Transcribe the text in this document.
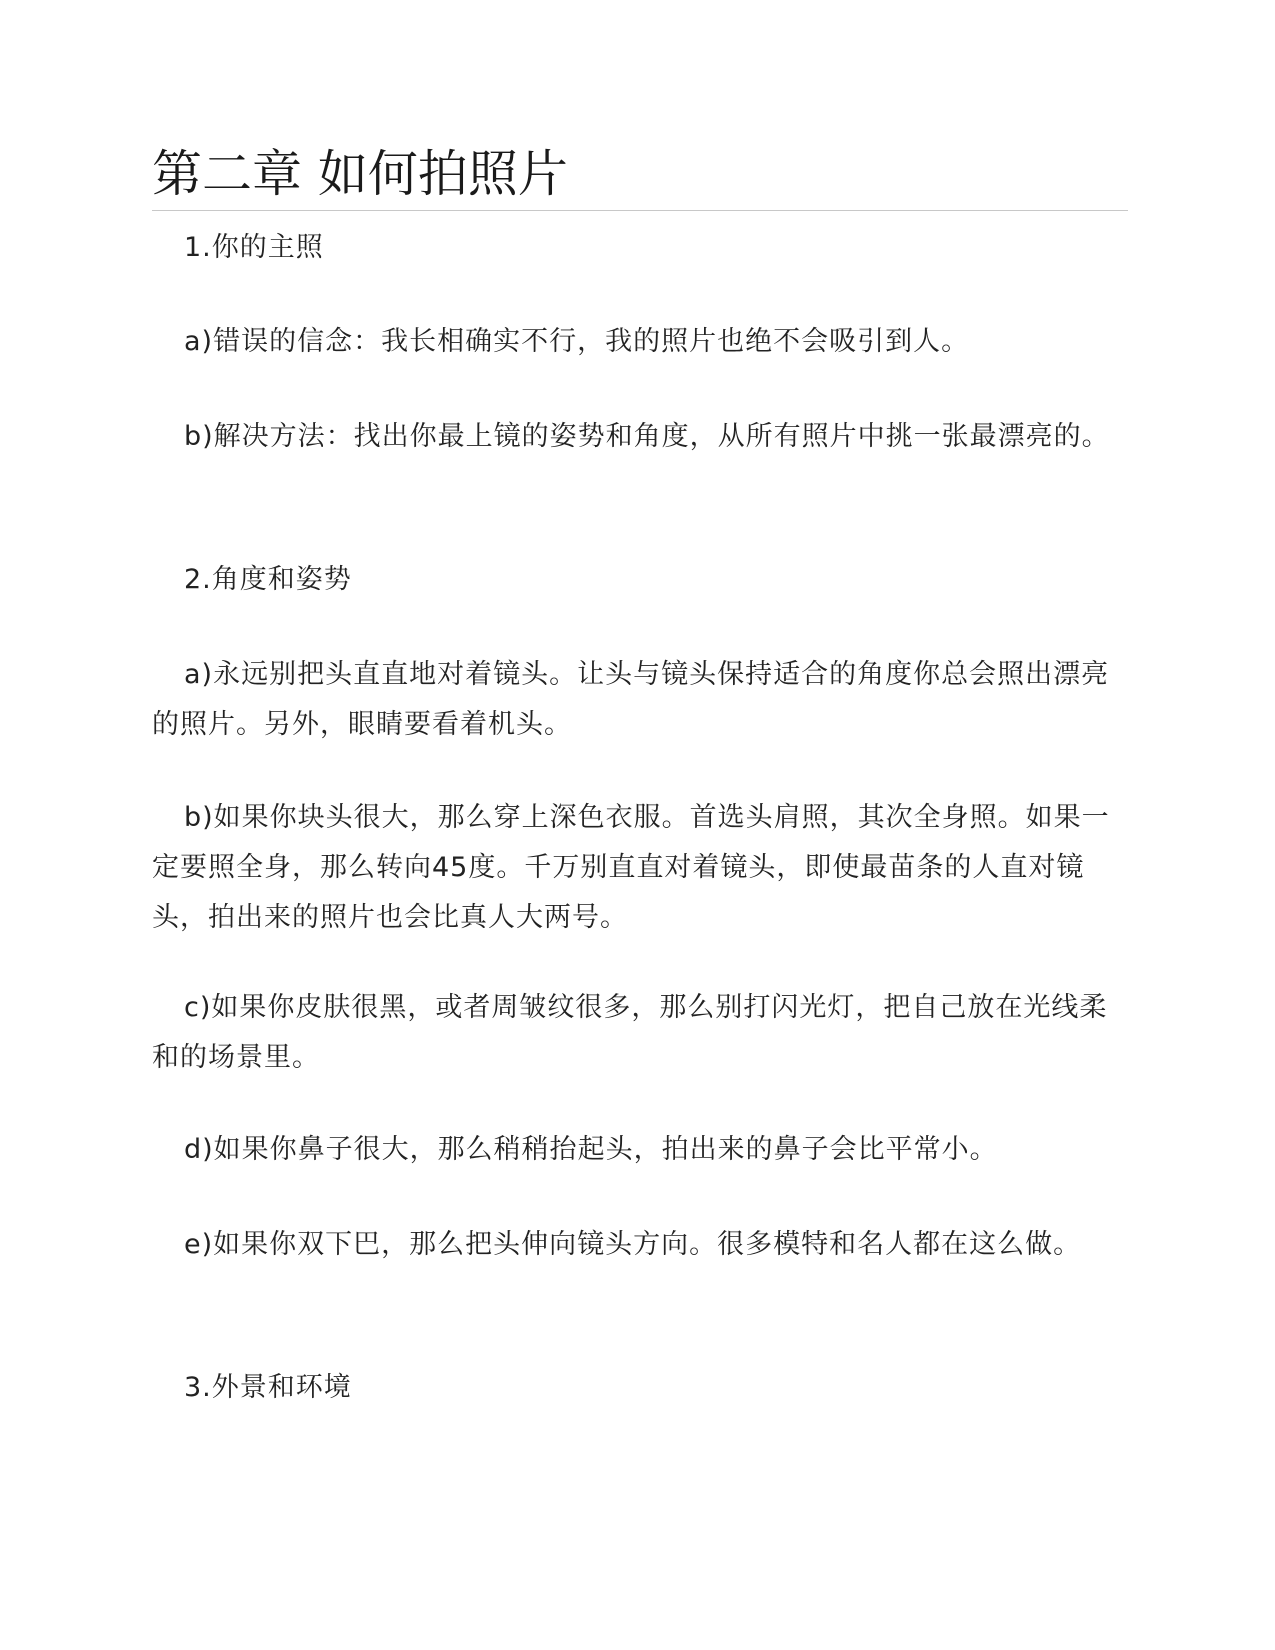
第二章 如何拍照片

1.你的主照

a)错误的信念：我长相确实不行，我的照片也绝不会吸引到人。

b)解决方法：找出你最上镜的姿势和角度，从所有照片中挑一张最漂亮的。

2.角度和姿势

a)永远别把头直直地对着镜头。让头与镜头保持适合的角度你总会照出漂亮的照片。另外，眼睛要看着机头。

b)如果你块头很大，那么穿上深色衣服。首选头肩照，其次全身照。如果一定要照全身，那么转向45度。千万别直直对着镜头，即使最苗条的人直对镜头，拍出来的照片也会比真人大两号。

c)如果你皮肤很黑，或者周皱纹很多，那么别打闪光灯，把自己放在光线柔和的场景里。

d)如果你鼻子很大，那么稍稍抬起头，拍出来的鼻子会比平常小。

e)如果你双下巴，那么把头伸向镜头方向。很多模特和名人都在这么做。

3.外景和环境
